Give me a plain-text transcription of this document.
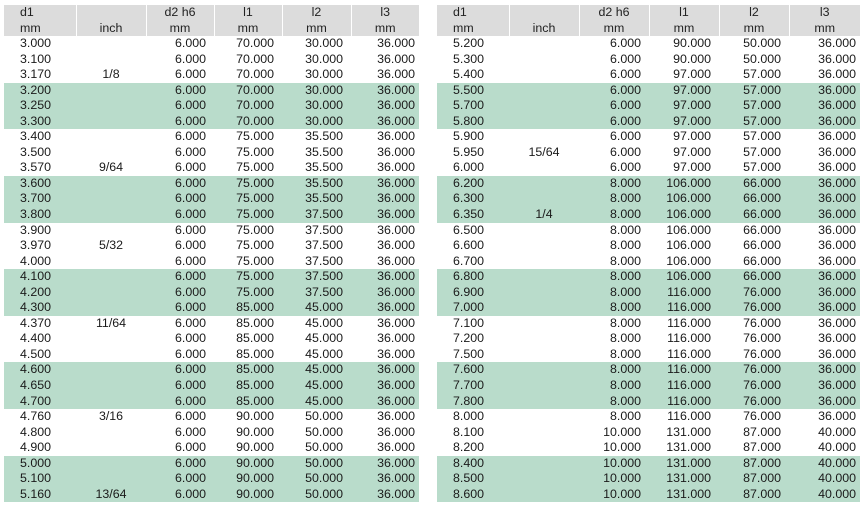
d1		d2 h6	l1	l2	l3
mm	inch	mm	mm	mm	mm
3.000		6.000	70.000	30.000	36.000
3.100		6.000	70.000	30.000	36.000
3.170	1/8	6.000	70.000	30.000	36.000
3.200		6.000	70.000	30.000	36.000
3.250		6.000	70.000	30.000	36.000
3.300		6.000	70.000	30.000	36.000
3.400		6.000	75.000	35.500	36.000
3.500		6.000	75.000	35.500	36.000
3.570	9/64	6.000	75.000	35.500	36.000
3.600		6.000	75.000	35.500	36.000
3.700		6.000	75.000	35.500	36.000
3.800		6.000	75.000	37.500	36.000
3.900		6.000	75.000	37.500	36.000
3.970	5/32	6.000	75.000	37.500	36.000
4.000		6.000	75.000	37.500	36.000
4.100		6.000	75.000	37.500	36.000
4.200		6.000	75.000	37.500	36.000
4.300		6.000	85.000	45.000	36.000
4.370	11/64	6.000	85.000	45.000	36.000
4.400		6.000	85.000	45.000	36.000
4.500		6.000	85.000	45.000	36.000
4.600		6.000	85.000	45.000	36.000
4.650		6.000	85.000	45.000	36.000
4.700		6.000	85.000	45.000	36.000
4.760	3/16	6.000	90.000	50.000	36.000
4.800		6.000	90.000	50.000	36.000
4.900		6.000	90.000	50.000	36.000
5.000		6.000	90.000	50.000	36.000
5.100		6.000	90.000	50.000	36.000
5.160	13/64	6.000	90.000	50.000	36.000
d1		d2 h6	l1	l2	l3
mm	inch	mm	mm	mm	mm
5.200		6.000	90.000	50.000	36.000
5.300		6.000	90.000	50.000	36.000
5.400		6.000	97.000	57.000	36.000
5.500		6.000	97.000	57.000	36.000
5.700		6.000	97.000	57.000	36.000
5.800		6.000	97.000	57.000	36.000
5.900		6.000	97.000	57.000	36.000
5.950	15/64	6.000	97.000	57.000	36.000
6.000		6.000	97.000	57.000	36.000
6.200		8.000	106.000	66.000	36.000
6.300		8.000	106.000	66.000	36.000
6.350	1/4	8.000	106.000	66.000	36.000
6.500		8.000	106.000	66.000	36.000
6.600		8.000	106.000	66.000	36.000
6.700		8.000	106.000	66.000	36.000
6.800		8.000	106.000	66.000	36.000
6.900		8.000	116.000	76.000	36.000
7.000		8.000	116.000	76.000	36.000
7.100		8.000	116.000	76.000	36.000
7.200		8.000	116.000	76.000	36.000
7.500		8.000	116.000	76.000	36.000
7.600		8.000	116.000	76.000	36.000
7.700		8.000	116.000	76.000	36.000
7.800		8.000	116.000	76.000	36.000
8.000		8.000	116.000	76.000	36.000
8.100		10.000	131.000	87.000	40.000
8.200		10.000	131.000	87.000	40.000
8.400		10.000	131.000	87.000	40.000
8.500		10.000	131.000	87.000	40.000
8.600		10.000	131.000	87.000	40.000
